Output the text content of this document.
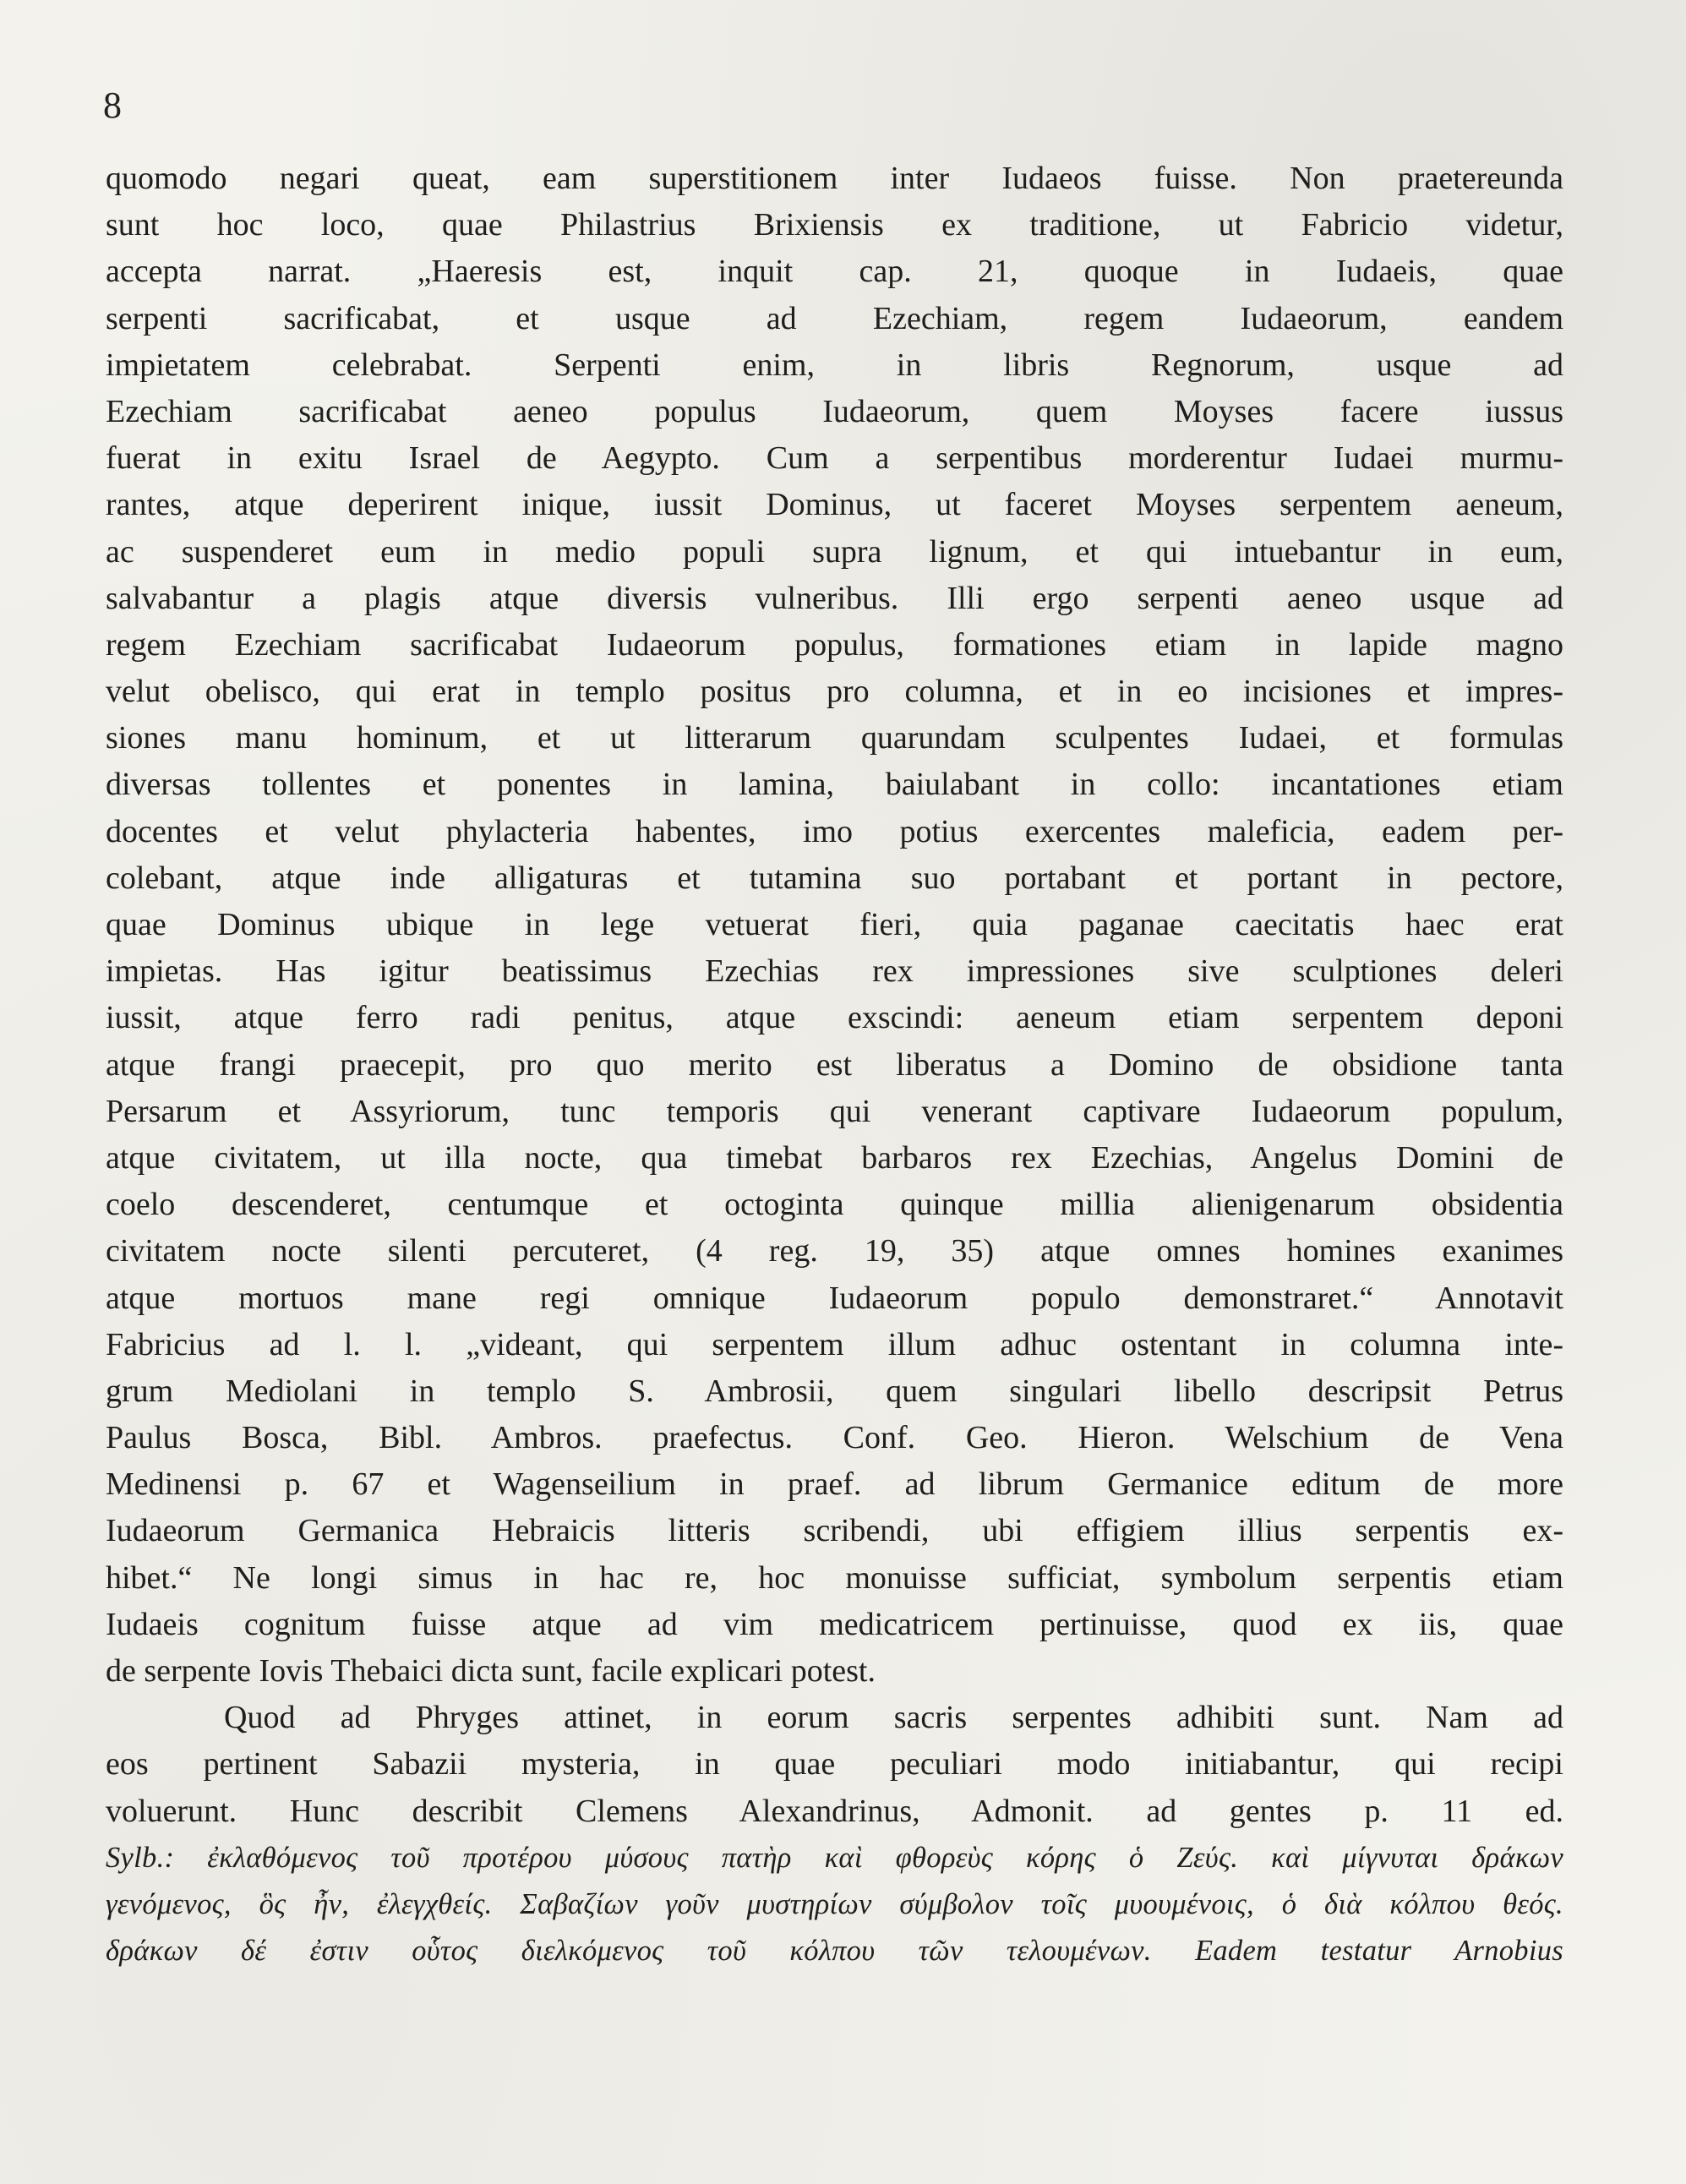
8
quomodo negari queat, eam superstitionem inter Iudaeos fuisse. Non praetereunda
sunt hoc loco, quae Philastrius Brixiensis ex traditione, ut Fabricio videtur,
accepta narrat. „Haeresis est, inquit cap. 21, quoque in Iudaeis, quae
serpenti sacrificabat, et usque ad Ezechiam, regem Iudaeorum, eandem
impietatem celebrabat. Serpenti enim, in libris Regnorum, usque ad
Ezechiam sacrificabat aeneo populus Iudaeorum, quem Moyses facere iussus
fuerat in exitu Israel de Aegypto. Cum a serpentibus morderentur Iudaei murmu-
rantes, atque deperirent inique, iussit Dominus, ut faceret Moyses serpentem aeneum,
ac suspenderet eum in medio populi supra lignum, et qui intuebantur in eum,
salvabantur a plagis atque diversis vulneribus. Illi ergo serpenti aeneo usque ad
regem Ezechiam sacrificabat Iudaeorum populus, formationes etiam in lapide magno
velut obelisco, qui erat in templo positus pro columna, et in eo incisiones et impres-
siones manu hominum, et ut litterarum quarundam sculpentes Iudaei, et formulas
diversas tollentes et ponentes in lamina, baiulabant in collo: incantationes etiam
docentes et velut phylacteria habentes, imo potius exercentes maleficia, eadem per-
colebant, atque inde alligaturas et tutamina suo portabant et portant in pectore,
quae Dominus ubique in lege vetuerat fieri, quia paganae caecitatis haec erat
impietas. Has igitur beatissimus Ezechias rex impressiones sive sculptiones deleri
iussit, atque ferro radi penitus, atque exscindi: aeneum etiam serpentem deponi
atque frangi praecepit, pro quo merito est liberatus a Domino de obsidione tanta
Persarum et Assyriorum, tunc temporis qui venerant captivare Iudaeorum populum,
atque civitatem, ut illa nocte, qua timebat barbaros rex Ezechias, Angelus Domini de
coelo descenderet, centumque et octoginta quinque millia alienigenarum obsidentia
civitatem nocte silenti percuteret, (4 reg. 19, 35) atque omnes homines exanimes
atque mortuos mane regi omnique Iudaeorum populo demonstraret.“ Annotavit
Fabricius ad l. l. „videant, qui serpentem illum adhuc ostentant in columna inte-
grum Mediolani in templo S. Ambrosii, quem singulari libello descripsit Petrus
Paulus Bosca, Bibl. Ambros. praefectus. Conf. Geo. Hieron. Welschium de Vena
Medinensi p. 67 et Wagenseilium in praef. ad librum Germanice editum de more
Iudaeorum Germanica Hebraicis litteris scribendi, ubi effigiem illius serpentis ex-
hibet.“ Ne longi simus in hac re, hoc monuisse sufficiat, symbolum serpentis etiam
Iudaeis cognitum fuisse atque ad vim medicatricem pertinuisse, quod ex iis, quae
de serpente Iovis Thebaici dicta sunt, facile explicari potest.
Quod ad Phryges attinet, in eorum sacris serpentes adhibiti sunt. Nam ad
eos pertinent Sabazii mysteria, in quae peculiari modo initiabantur, qui recipi
voluerunt. Hunc describit Clemens Alexandrinus, Admonit. ad gentes p. 11 ed.
Sylb.: ἐκλαθόμενος τοῦ προτέρου μύσους πατὴρ καὶ φθορεὺς κόρης ὁ Ζεύς. καὶ μίγνυται δράκων
γενόμενος, ὃς ἦν, ἐλεγχθείς. Σαβαζίων γοῦν μυστηρίων σύμβολον τοῖς μυουμένοις, ὁ διὰ κόλπου θεός.
δράκων δέ ἐστιν οὗτος διελκόμενος τοῦ κόλπου τῶν τελουμένων. Eadem testatur Arnobius
